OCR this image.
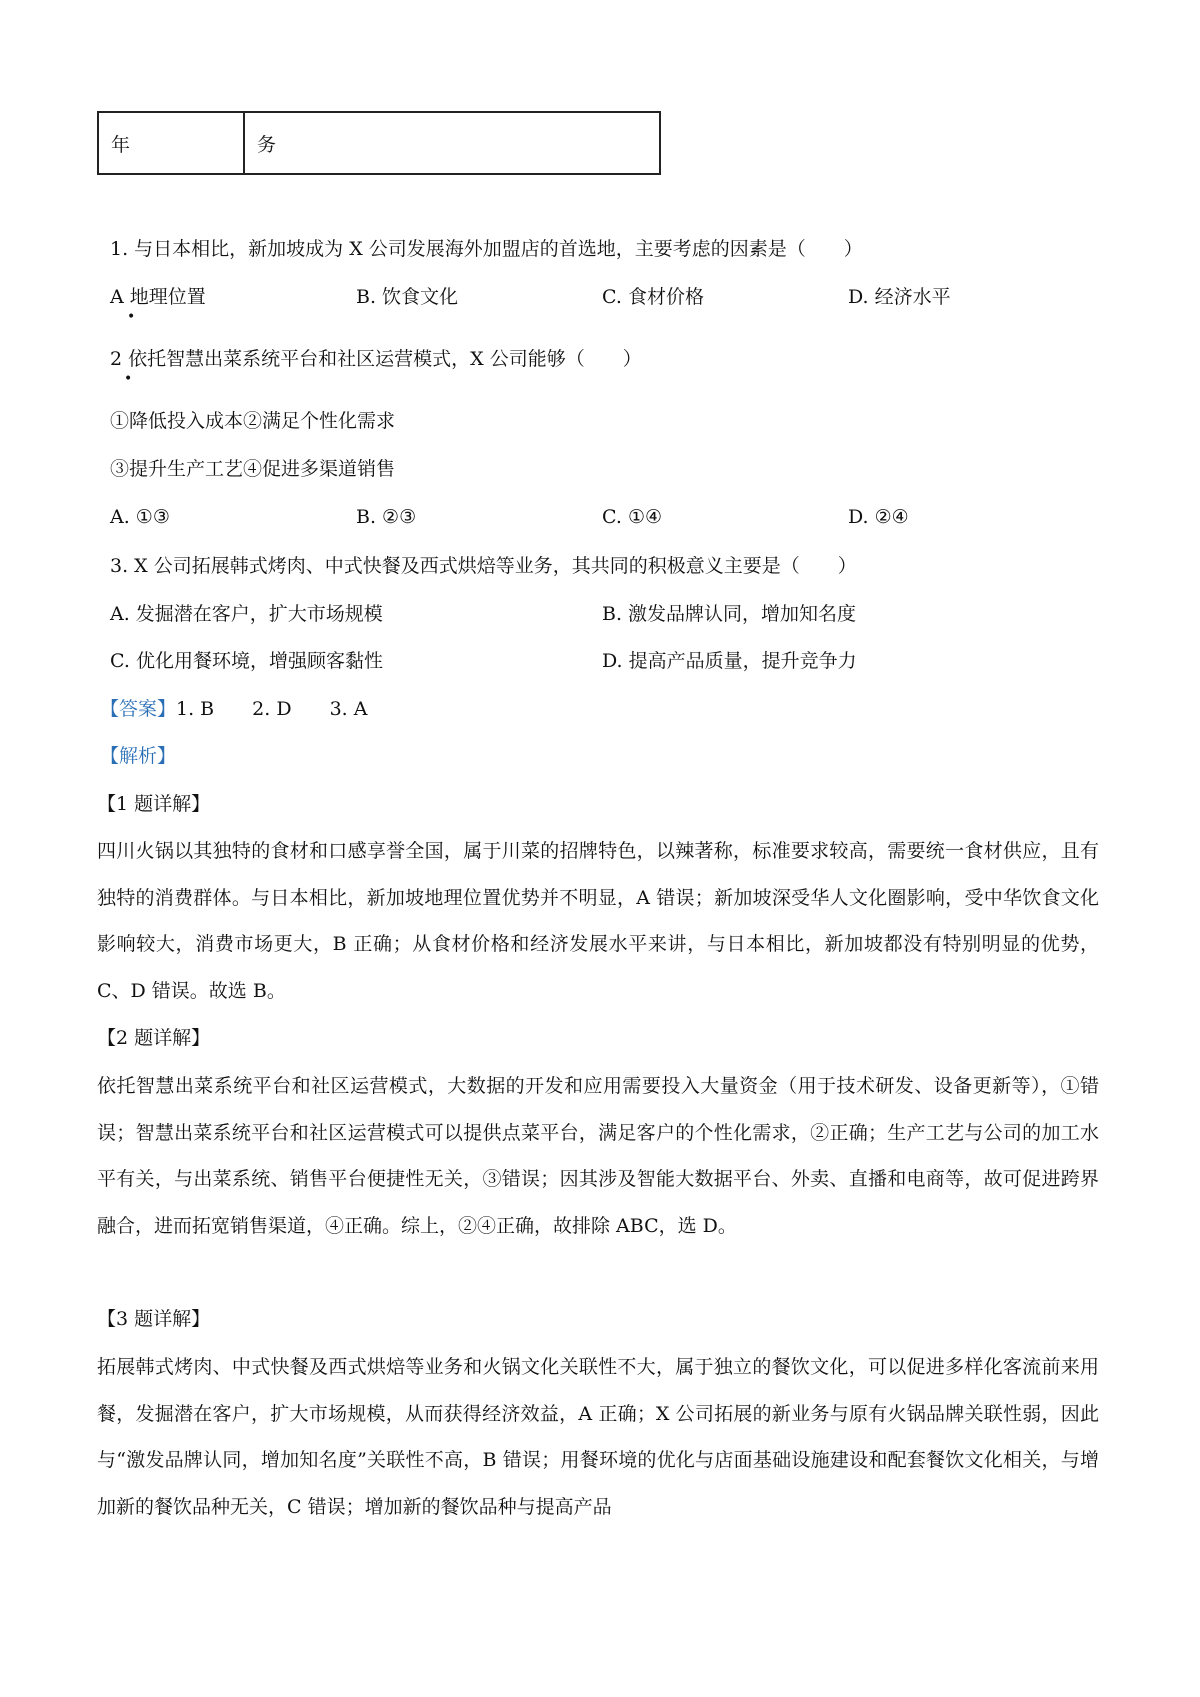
年	务
1. 与日本相比，新加坡成为 X 公司发展海外加盟店的首选地，主要考虑的因素是（　　）
A 地理位置
•
B. 饮食文化	C. 食材价格	D. 经济水平
2 依托智慧出菜系统平台和社区运营模式，X 公司能够（　　）
•
①降低投入成本②满足个性化需求
③提升生产工艺④促进多渠道销售
A. ①③	B. ②③	C. ①④	D. ②④
3. X 公司拓展韩式烤肉、中式快餐及西式烘焙等业务，其共同的积极意义主要是（　　）
A. 发掘潜在客户，扩大市场规模	B. 激发品牌认同，增加知名度
C. 优化用餐环境，增强顾客黏性	D. 提高产品质量，提升竞争力
【答案】1. B 2. D 3. A
【解析】
【1 题详解】
四川火锅以其独特的食材和口感享誉全国，属于川菜的招牌特色，以辣著称，标准要求较高，需要统一食材供应，且有独特的消费群体。与日本相比，新加坡地理位置优势并不明显，A 错误；新加坡深受华人文化圈影响，受中华饮食文化影响较大，消费市场更大，B 正确；从食材价格和经济发展水平来讲，与日本相比，新加坡都没有特别明显的优势，C、D 错误。故选 B。
【2 题详解】
依托智慧出菜系统平台和社区运营模式，大数据的开发和应用需要投入大量资金（用于技术研发、设备更新等），①错误；智慧出菜系统平台和社区运营模式可以提供点菜平台，满足客户的个性化需求，②正确；生产工艺与公司的加工水平有关，与出菜系统、销售平台便捷性无关，③错误；因其涉及智能大数据平台、外卖、直播和电商等，故可促进跨界融合，进而拓宽销售渠道，④正确。综上，②④正确，故排除 ABC，选 D。
【3 题详解】
拓展韩式烤肉、中式快餐及西式烘焙等业务和火锅文化关联性不大，属于独立的餐饮文化，可以促进多样化客流前来用餐，发掘潜在客户，扩大市场规模，从而获得经济效益，A 正确；X 公司拓展的新业务与原有火锅品牌关联性弱，因此与“激发品牌认同，增加知名度”关联性不高，B 错误；用餐环境的优化与店面基础设施建设和配套餐饮文化相关，与增加新的餐饮品种无关，C 错误；增加新的餐饮品种与提高产品
